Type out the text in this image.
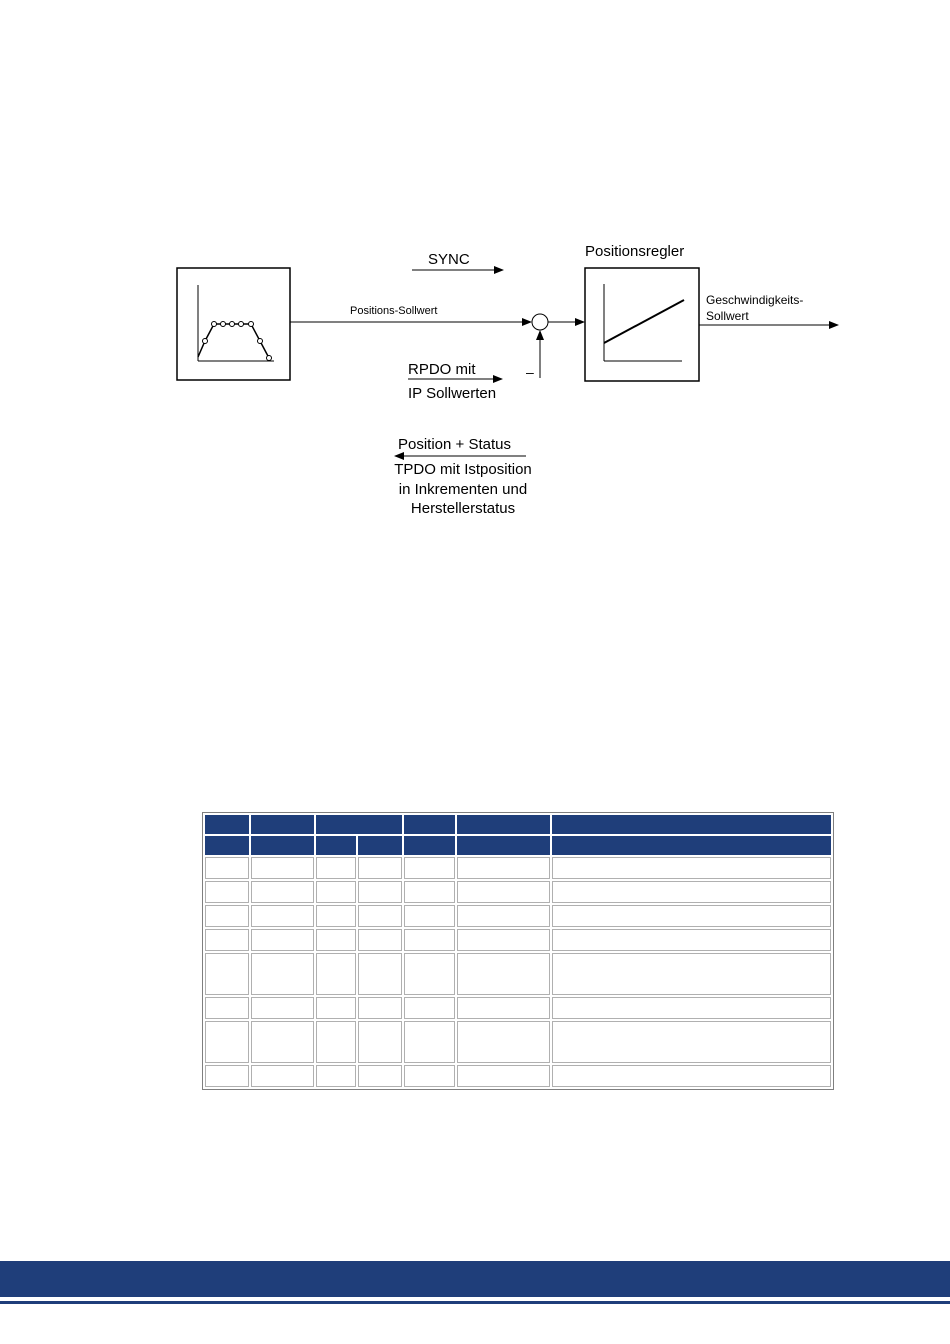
SYNC
Positions-Sollwert
–
Positionsregler
Geschwindigkeits-
Sollwert
RPDO mit
IP Sollwerten
Position + Status
TPDO mit Istposition
in Inkrementen und
Herstellerstatus
